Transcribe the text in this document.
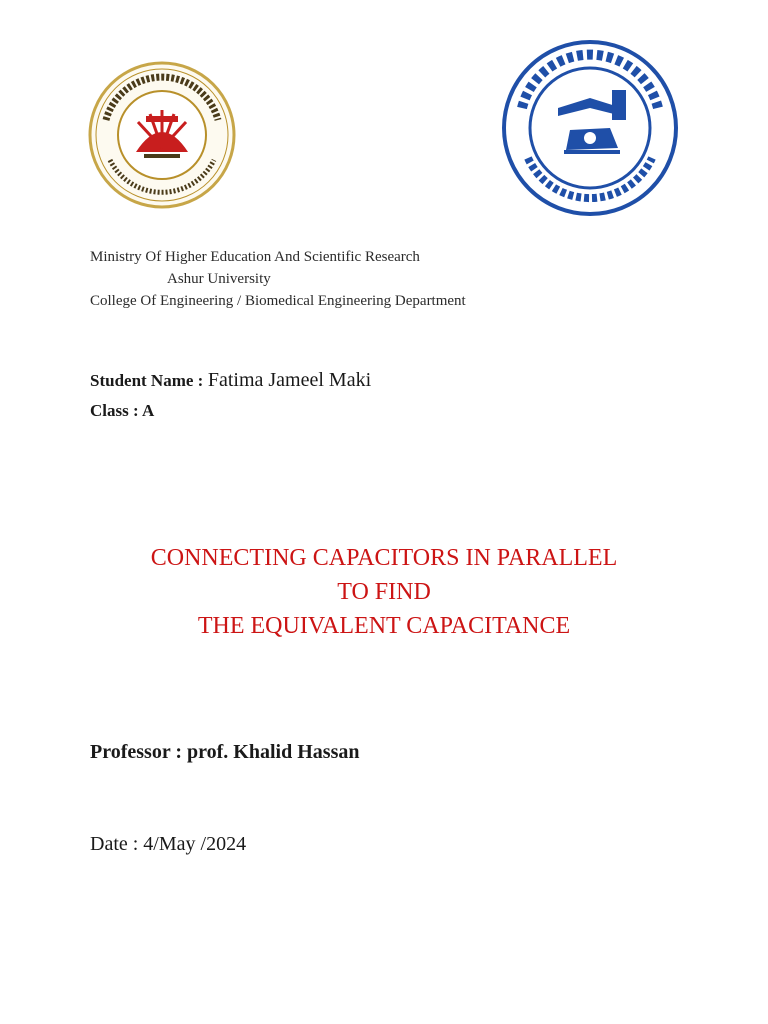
Ministry Of Higher Education And Scientific Research
Ashur University
College Of Engineering / Biomedical Engineering Department
Student Name : Fatima Jameel Maki
Class : A
CONNECTING CAPACITORS IN PARALLEL
TO FIND
THE EQUIVALENT CAPACITANCE
Professor : prof. Khalid Hassan
Date : 4/May /2024
